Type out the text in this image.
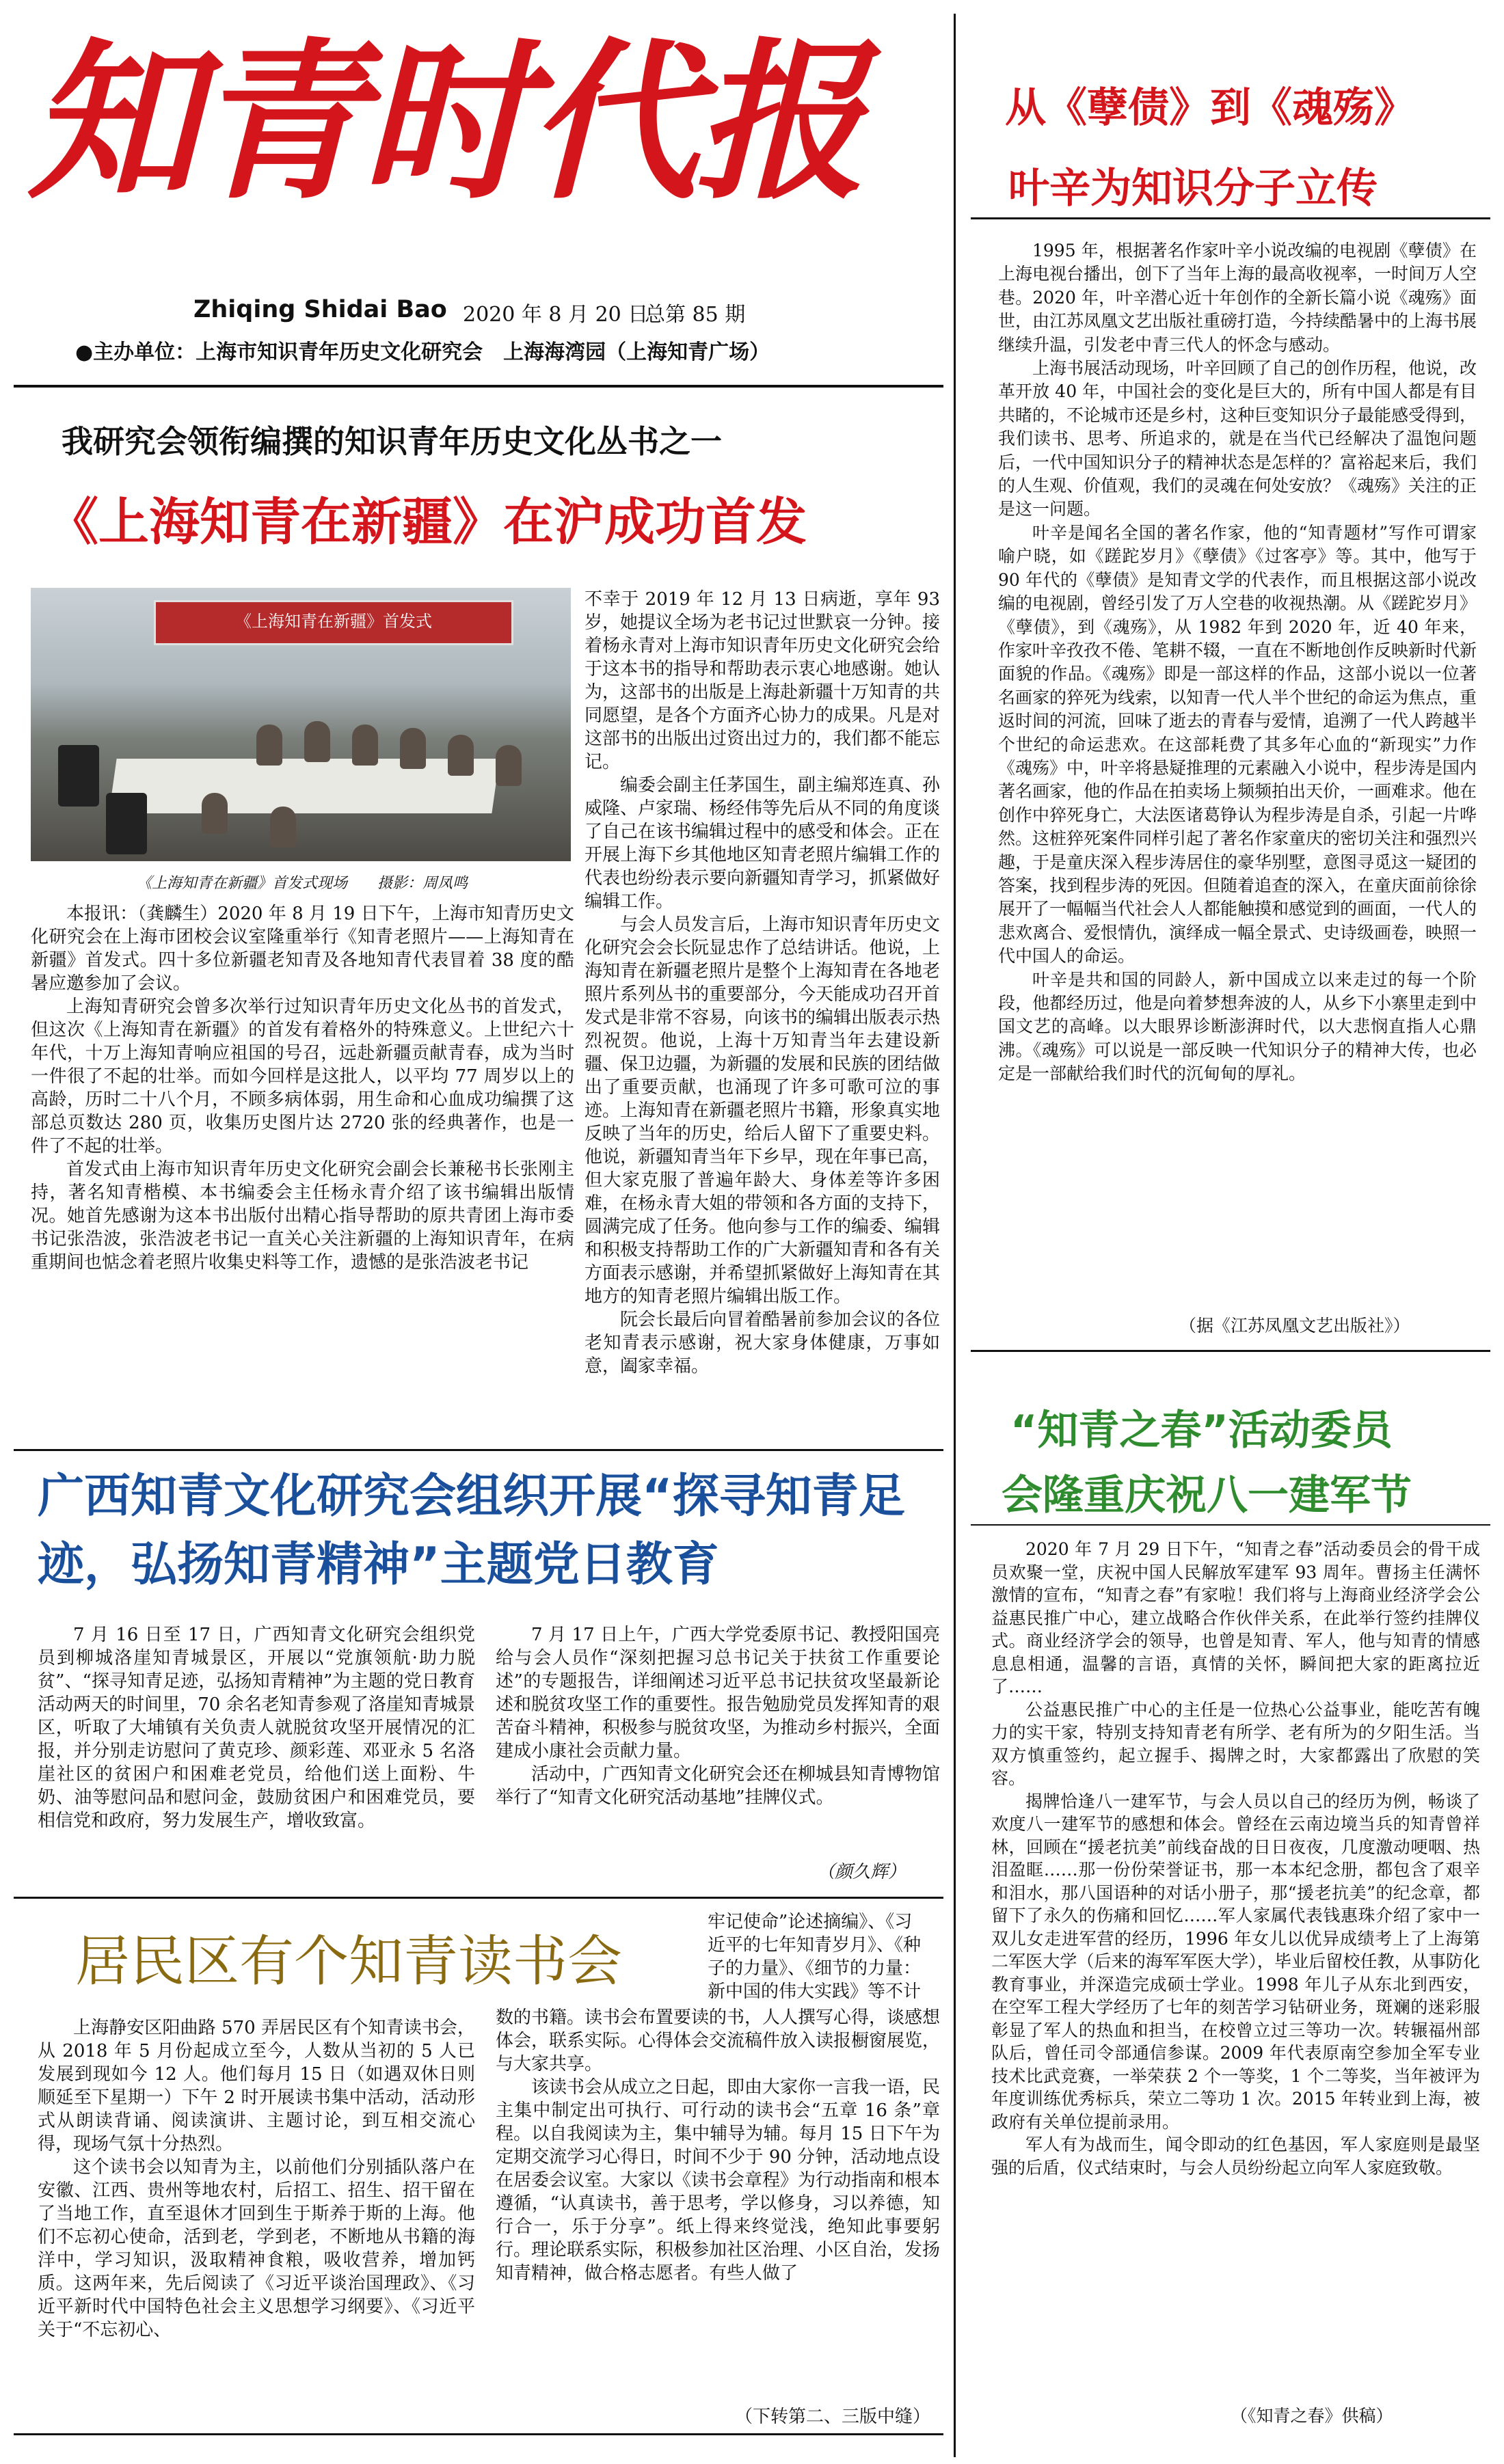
知青时代报
Zhiqing Shidai Bao 2020 年 8 月 20 日
总第 85 期
●主办单位：上海市知识青年历史文化研究会　上海海湾园（上海知青广场）
从《孽债》到《魂殇》
叶辛为知识分子立传

1995 年，根据著名作家叶辛小说改编的电视剧《孽债》在上海电视台播出，创下了当年上海的最高收视率，一时间万人空巷。2020 年，叶辛潜心近十年创作的全新长篇小说《魂殇》面世，由江苏凤凰文艺出版社重磅打造，今持续酷暑中的上海书展继续升温，引发老中青三代人的怀念与感动。

上海书展活动现场，叶辛回顾了自己的创作历程，他说，改革开放 40 年，中国社会的变化是巨大的，所有中国人都是有目共睹的，不论城市还是乡村，这种巨变知识分子最能感受得到，我们读书、思考、所追求的，就是在当代已经解决了温饱问题后，一代中国知识分子的精神状态是怎样的？富裕起来后，我们的人生观、价值观，我们的灵魂在何处安放？《魂殇》关注的正是这一问题。

叶辛是闻名全国的著名作家，他的“知青题材”写作可谓家喻户晓，如《蹉跎岁月》《孽债》《过客亭》等。其中，他写于 90 年代的《孽债》是知青文学的代表作，而且根据这部小说改编的电视剧，曾经引发了万人空巷的收视热潮。从《蹉跎岁月》《孽债》，到《魂殇》，从 1982 年到 2020 年，近 40 年来，作家叶辛孜孜不倦、笔耕不辍，一直在不断地创作反映新时代新面貌的作品。《魂殇》即是一部这样的作品，这部小说以一位著名画家的猝死为线索，以知青一代人半个世纪的命运为焦点，重返时间的河流，回味了逝去的青春与爱情，追溯了一代人跨越半个世纪的命运悲欢。在这部耗费了其多年心血的“新现实”力作《魂殇》中，叶辛将悬疑推理的元素融入小说中，程步涛是国内著名画家，他的作品在拍卖场上频频拍出天价，一画难求。他在创作中猝死身亡，大法医诸葛铮认为程步涛是自杀，引起一片哗然。这桩猝死案件同样引起了著名作家童庆的密切关注和强烈兴趣，于是童庆深入程步涛居住的豪华别墅，意图寻觅这一疑团的答案，找到程步涛的死因。但随着追查的深入，在童庆面前徐徐展开了一幅幅当代社会人人都能触摸和感觉到的画面，一代人的悲欢离合、爱恨情仇，演绎成一幅全景式、史诗级画卷，映照一代中国人的命运。

叶辛是共和国的同龄人，新中国成立以来走过的每一个阶段，他都经历过，他是向着梦想奔波的人，从乡下小寨里走到中国文艺的高峰。以大眼界诊断澎湃时代，以大悲悯直指人心鼎沸。《魂殇》可以说是一部反映一代知识分子的精神大传，也必定是一部献给我们时代的沉甸甸的厚礼。

（据《江苏凤凰文艺出版社》）
我研究会领衔编撰的知识青年历史文化丛书之一
《上海知青在新疆》在沪成功首发
《上海知青在新疆》首发式
《上海知青在新疆》首发式现场　　摄影：周凤鸣

本报讯：（龚麟生）2020 年 8 月 19 日下午，上海市知青历史文化研究会在上海市团校会议室隆重举行《知青老照片——上海知青在新疆》首发式。四十多位新疆老知青及各地知青代表冒着 38 度的酷暑应邀参加了会议。

上海知青研究会曾多次举行过知识青年历史文化丛书的首发式，但这次《上海知青在新疆》的首发有着格外的特殊意义。上世纪六十年代，十万上海知青响应祖国的号召，远赴新疆贡献青春，成为当时一件很了不起的壮举。而如今回样是这批人，以平均 77 周岁以上的高龄，历时二十八个月，不顾多病体弱，用生命和心血成功编撰了这部总页数达 280 页，收集历史图片达 2720 张的经典著作，也是一件了不起的壮举。

首发式由上海市知识青年历史文化研究会副会长兼秘书长张刚主持，著名知青楷模、本书编委会主任杨永青介绍了该书编辑出版情况。她首先感谢为这本书出版付出精心指导帮助的原共青团上海市委书记张浩波，张浩波老书记一直关心关注新疆的上海知识青年，在病重期间也惦念着老照片收集史料等工作，遗憾的是张浩波老书记

不幸于 2019 年 12 月 13 日病逝，享年 93 岁，她提议全场为老书记过世默哀一分钟。接着杨永青对上海市知识青年历史文化研究会给于这本书的指导和帮助表示衷心地感谢。她认为，这部书的出版是上海赴新疆十万知青的共同愿望，是各个方面齐心协力的成果。凡是对这部书的出版出过资出过力的，我们都不能忘记。

编委会副主任茅国生，副主编郑连真、孙威隆、卢家瑞、杨经伟等先后从不同的角度谈了自己在该书编辑过程中的感受和体会。正在开展上海下乡其他地区知青老照片编辑工作的代表也纷纷表示要向新疆知青学习，抓紧做好编辑工作。

与会人员发言后，上海市知识青年历史文化研究会会长阮显忠作了总结讲话。他说，上海知青在新疆老照片是整个上海知青在各地老照片系列丛书的重要部分，今天能成功召开首发式是非常不容易，向该书的编辑出版表示热烈祝贺。他说，上海十万知青当年去建设新疆、保卫边疆，为新疆的发展和民族的团结做出了重要贡献，也涌现了许多可歌可泣的事迹。上海知青在新疆老照片书籍，形象真实地反映了当年的历史，给后人留下了重要史料。他说，新疆知青当年下乡早，现在年事已高，但大家克服了普遍年龄大、身体差等许多困难，在杨永青大姐的带领和各方面的支持下，圆满完成了任务。他向参与工作的编委、编辑和积极支持帮助工作的广大新疆知青和各有关方面表示感谢，并希望抓紧做好上海知青在其地方的知青老照片编辑出版工作。

阮会长最后向冒着酷暑前参加会议的各位老知青表示感谢，祝大家身体健康，万事如意，阖家幸福。

广西知青文化研究会组织开展“探寻知青足迹，弘扬知青精神”主题党日教育

7 月 16 日至 17 日，广西知青文化研究会组织党员到柳城洛崖知青城景区，开展以“党旗领航·助力脱贫”、“探寻知青足迹，弘扬知青精神”为主题的党日教育活动两天的时间里，70 余名老知青参观了洛崖知青城景区，听取了大埔镇有关负责人就脱贫攻坚开展情况的汇报，并分别走访慰问了黄克珍、颜彩莲、邓亚永 5 名洛崖社区的贫困户和困难老党员，给他们送上面粉、牛奶、油等慰问品和慰问金，鼓励贫困户和困难党员，要相信党和政府，努力发展生产，增收致富。

7 月 17 日上午，广西大学党委原书记、教授阳国亮给与会人员作“深刻把握习总书记关于扶贫工作重要论述”的专题报告，详细阐述习近平总书记扶贫攻坚最新论述和脱贫攻坚工作的重要性。报告勉励党员发挥知青的艰苦奋斗精神，积极参与脱贫攻坚，为推动乡村振兴，全面建成小康社会贡献力量。

活动中，广西知青文化研究会还在柳城县知青博物馆举行了“知青文化研究活动基地”挂牌仪式。

（颜久辉）
居民区有个知青读书会
牢记使命”论述摘编》、《习
近平的七年知青岁月》、《种
子的力量》、《细节的力量：
新中国的伟大实践》等不计

上海静安区阳曲路 570 弄居民区有个知青读书会，从 2018 年 5 月份起成立至今，人数从当初的 5 人已发展到现如今 12 人。他们每月 15 日（如遇双休日则顺延至下星期一）下午 2 时开展读书集中活动，活动形式从朗读背诵、阅读演讲、主题讨论，到互相交流心得，现场气氛十分热烈。

这个读书会以知青为主，以前他们分别插队落户在安徽、江西、贵州等地农村，后招工、招生、招干留在了当地工作，直至退休才回到生于斯养于斯的上海。他们不忘初心使命，活到老，学到老，不断地从书籍的海洋中，学习知识，汲取精神食粮，吸收营养，增加钙质。这两年来，先后阅读了《习近平谈治国理政》、《习近平新时代中国特色社会主义思想学习纲要》、《习近平关于“不忘初心、

数的书籍。读书会布置要读的书，人人撰写心得，谈感想体会，联系实际。心得体会交流稿件放入读报橱窗展览，与大家共享。

该读书会从成立之日起，即由大家你一言我一语，民主集中制定出可执行、可行动的读书会“五章 16 条”章程。以自我阅读为主，集中辅导为辅。每月 15 日下午为定期交流学习心得日，时间不少于 90 分钟，活动地点设在居委会议室。大家以《读书会章程》为行动指南和根本遵循，“认真读书，善于思考，学以修身，习以养德，知行合一，乐于分享”。纸上得来终觉浅，绝知此事要躬行。理论联系实际，积极参加社区治理、小区自治，发扬知青精神，做合格志愿者。有些人做了

（下转第二、三版中缝）
“知青之春”活动委员
会隆重庆祝八一建军节

2020 年 7 月 29 日下午，“知青之春”活动委员会的骨干成员欢聚一堂，庆祝中国人民解放军建军 93 周年。曹扬主任满怀激情的宣布，“知青之春”有家啦！我们将与上海商业经济学会公益惠民推广中心，建立战略合作伙伴关系，在此举行签约挂牌仪式。商业经济学会的领导，也曾是知青、军人，他与知青的情感息息相通，温馨的言语，真情的关怀，瞬间把大家的距离拉近了……

公益惠民推广中心的主任是一位热心公益事业，能吃苦有魄力的实干家，特别支持知青老有所学、老有所为的夕阳生活。当双方慎重签约，起立握手、揭牌之时，大家都露出了欣慰的笑容。

揭牌恰逢八一建军节，与会人员以自己的经历为例，畅谈了欢度八一建军节的感想和体会。曾经在云南边境当兵的知青曾祥林，回顾在“援老抗美”前线奋战的日日夜夜，几度激动哽咽、热泪盈眶……那一份份荣誉证书，那一本本纪念册，都包含了艰辛和泪水，那八国语种的对话小册子，那“援老抗美”的纪念章，都留下了永久的伤痛和回忆……军人家属代表钱惠珠介绍了家中一双儿女走进军营的经历，1996 年女儿以优异成绩考上了上海第二军医大学（后来的海军军医大学），毕业后留校任教，从事防化教育事业，并深造完成硕士学业。1998 年儿子从东北到西安，在空军工程大学经历了七年的刻苦学习钻研业务，斑斓的迷彩服彰显了军人的热血和担当，在校曾立过三等功一次。转辗福州部队后，曾任司令部通信参谋。2009 年代表原南空参加全军专业技术比武竞赛，一举荣获 2 个一等奖，1 个二等奖，当年被评为年度训练优秀标兵，荣立二等功 1 次。2015 年转业到上海，被政府有关单位提前录用。

军人有为战而生，闻令即动的红色基因，军人家庭则是最坚强的后盾，仪式结束时，与会人员纷纷起立向军人家庭致敬。

（《知青之春》供稿）
